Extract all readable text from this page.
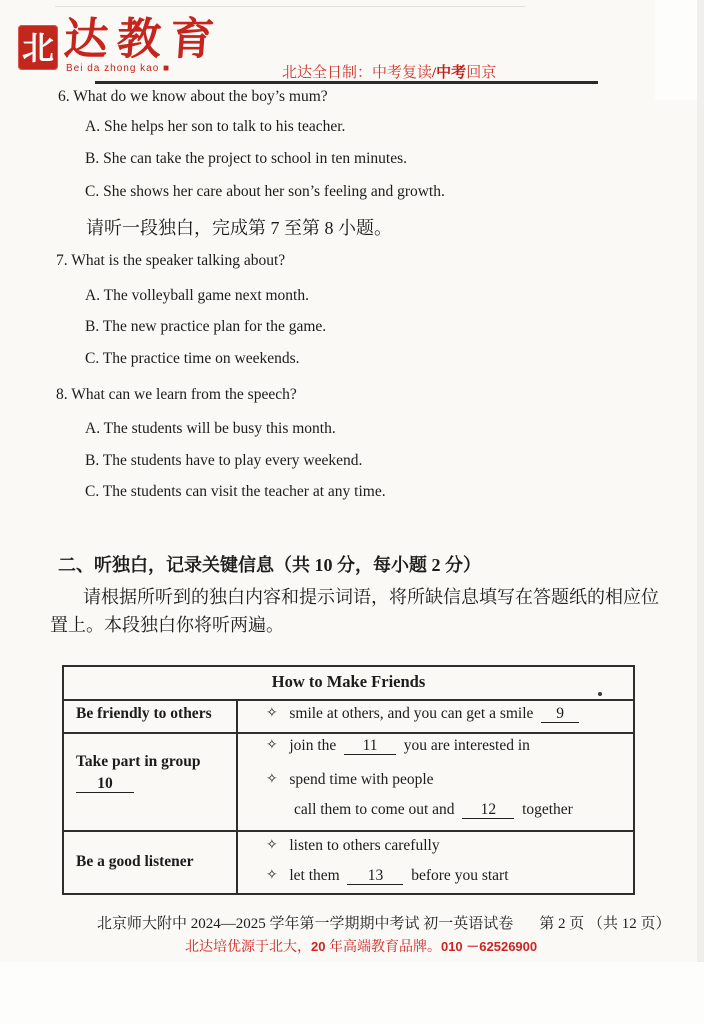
北 达教育
Bei da zhong kao ■	北达全日制：中考复读/中考回京
6. What do we know about the boy’s mum?
A. She helps her son to talk to his teacher.
B. She can take the project to school in ten minutes.
C. She shows her care about her son’s feeling and growth.
请听一段独白，完成第 7 至第 8 小题。
7. What is the speaker talking about?
A. The volleyball game next month.
B. The new practice plan for the game.
C. The practice time on weekends.
8. What can we learn from the speech?
A. The students will be busy this month.
B. The students have to play every weekend.
C. The students can visit the teacher at any time.
二、听独白，记录关键信息（共 10 分，每小题 2 分）
请根据所听到的独白内容和提示词语，将所缺信息填写在答题纸的相应位
置上。本段独白你将听两遍。
How to Make Friends
Be friendly to others	✧ smile at others, and you can get a smile 9
Take part in group
10
✧ join the 11 you are interested in
✧ spend time with people
call them to come out and 12 together
Be a good listener
✧ listen to others carefully
✧ let them 13 before you start
北京师大附中 2024—2025 学年第一学期期中考试 初一英语试卷 第 2 页 （共 12 页）
北达培优源于北大，20 年高端教育品牌。010 －62526900
